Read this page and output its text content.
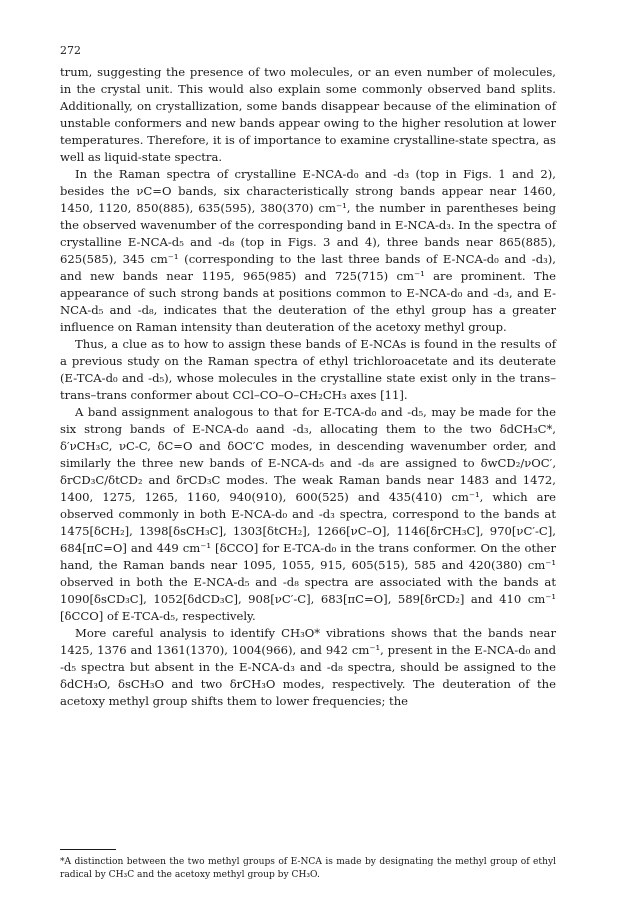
272

trum, suggesting the presence of two molecules, or an even number of molecules, in the crystal unit. This would also explain some commonly observed band splits. Additionally, on crystallization, some bands disappear because of the elimination of unstable conformers and new bands appear owing to the higher resolution at lower temperatures. Therefore, it is of importance to examine crystalline-state spectra, as well as liquid-state spectra.

In the Raman spectra of crystalline E-NCA-d₀ and -d₃ (top in Figs. 1 and 2), besides the νC=O bands, six characteristically strong bands appear near 1460, 1450, 1120, 850(885), 635(595), 380(370) cm⁻¹, the number in parentheses being the observed wavenumber of the corresponding band in E-NCA-d₃. In the spectra of crystalline E-NCA-d₅ and -d₈ (top in Figs. 3 and 4), three bands near 865(885), 625(585), 345 cm⁻¹ (corresponding to the last three bands of E-NCA-d₀ and -d₃), and new bands near 1195, 965(985) and 725(715) cm⁻¹ are prominent. The appearance of such strong bands at positions common to E-NCA-d₀ and -d₃, and E-NCA-d₅ and -d₈, indicates that the deuteration of the ethyl group has a greater influence on Raman intensity than deuteration of the acetoxy methyl group.

Thus, a clue as to how to assign these bands of E-NCAs is found in the results of a previous study on the Raman spectra of ethyl trichloroacetate and its deuterate (E-TCA-d₀ and -d₅), whose molecules in the crystalline state exist only in the trans–trans–trans conformer about CCl–CO–O–CH₂CH₃ axes [11].

A band assignment analogous to that for E-TCA-d₀ and -d₅, may be made for the six strong bands of E-NCA-d₀ aand -d₃, allocating them to the two δdCH₃C*, δ′νCH₃C, νC-C, δC=O and δOC′C modes, in descending wavenumber order, and similarly the three new bands of E-NCA-d₅ and -d₈ are assigned to δwCD₂/νOC′, δrCD₃C/δtCD₂ and δrCD₃C modes. The weak Raman bands near 1483 and 1472, 1400, 1275, 1265, 1160, 940(910), 600(525) and 435(410) cm⁻¹, which are observed commonly in both E-NCA-d₀ and -d₃ spectra, correspond to the bands at 1475[δCH₂], 1398[δsCH₃C], 1303[δtCH₂], 1266[νC–O], 1146[δrCH₃C], 970[νC′-C], 684[πC=O] and 449 cm⁻¹ [δCCO] for E-TCA-d₀ in the trans conformer. On the other hand, the Raman bands near 1095, 1055, 915, 605(515), 585 and 420(380) cm⁻¹ observed in both the E-NCA-d₅ and -d₈ spectra are associated with the bands at 1090[δsCD₃C], 1052[δdCD₃C], 908[νC′-C], 683[πC=O], 589[δrCD₂] and 410 cm⁻¹ [δCCO] of E-TCA-d₅, respectively.

More careful analysis to identify CH₃O* vibrations shows that the bands near 1425, 1376 and 1361(1370), 1004(966), and 942 cm⁻¹, present in the E-NCA-d₀ and -d₅ spectra but absent in the E-NCA-d₃ and -d₈ spectra, should be assigned to the δdCH₃O, δsCH₃O and two δrCH₃O modes, respectively. The deuteration of the acetoxy methyl group shifts them to lower frequencies; the

*A distinction between the two methyl groups of E-NCA is made by designating the methyl group of ethyl radical by CH₃C and the acetoxy methyl group by CH₃O.
